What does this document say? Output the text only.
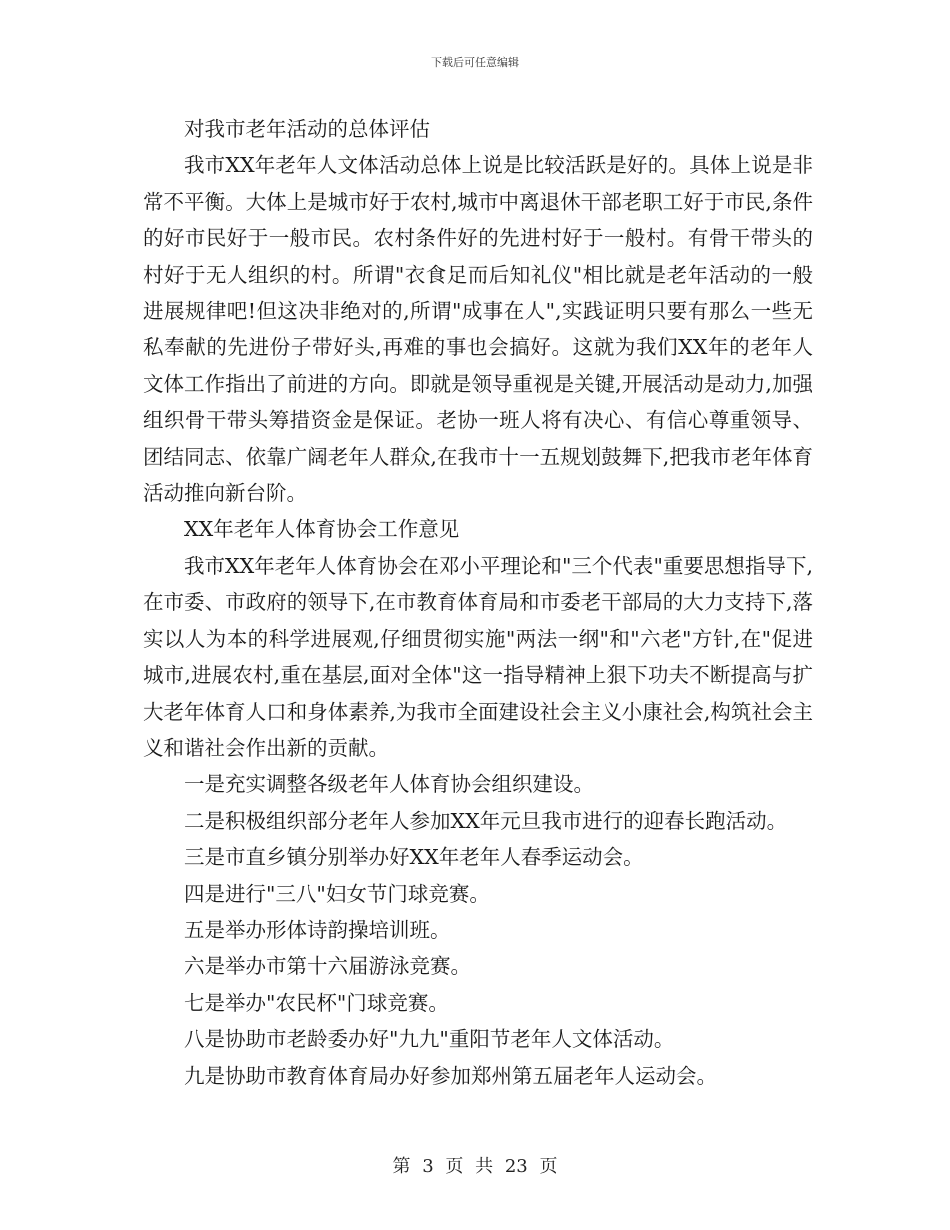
下载后可任意编辑

对我市老年活动的总体评估

我市XX年老年人文体活动总体上说是比较活跃是好的。具体上说是非常不平衡。大体上是城市好于农村,城市中离退休干部老职工好于市民,条件的好市民好于一般市民。农村条件好的先进村好于一般村。有骨干带头的村好于无人组织的村。所谓"衣食足而后知礼仪"相比就是老年活动的一般进展规律吧!但这决非绝对的,所谓"成事在人",实践证明只要有那么一些无私奉献的先进份子带好头,再难的事也会搞好。这就为我们XX年的老年人文体工作指出了前进的方向。即就是领导重视是关键,开展活动是动力,加强组织骨干带头筹措资金是保证。老协一班人将有决心、有信心尊重领导、团结同志、依靠广阔老年人群众,在我市十一五规划鼓舞下,把我市老年体育活动推向新台阶。

XX年老年人体育协会工作意见

我市XX年老年人体育协会在邓小平理论和"三个代表"重要思想指导下,在市委、市政府的领导下,在市教育体育局和市委老干部局的大力支持下,落实以人为本的科学进展观,仔细贯彻实施"两法一纲"和"六老"方针,在"促进城市,进展农村,重在基层,面对全体"这一指导精神上狠下功夫不断提高与扩大老年体育人口和身体素养,为我市全面建设社会主义小康社会,构筑社会主义和谐社会作出新的贡献。

一是充实调整各级老年人体育协会组织建设。

二是积极组织部分老年人参加XX年元旦我市进行的迎春长跑活动。

三是市直乡镇分别举办好XX年老年人春季运动会。

四是进行"三八"妇女节门球竞赛。

五是举办形体诗韵操培训班。

六是举办市第十六届游泳竞赛。

七是举办"农民杯"门球竞赛。

八是协助市老龄委办好"九九"重阳节老年人文体活动。

九是协助市教育体育局办好参加郑州第五届老年人运动会。

第 3 页 共 23 页
